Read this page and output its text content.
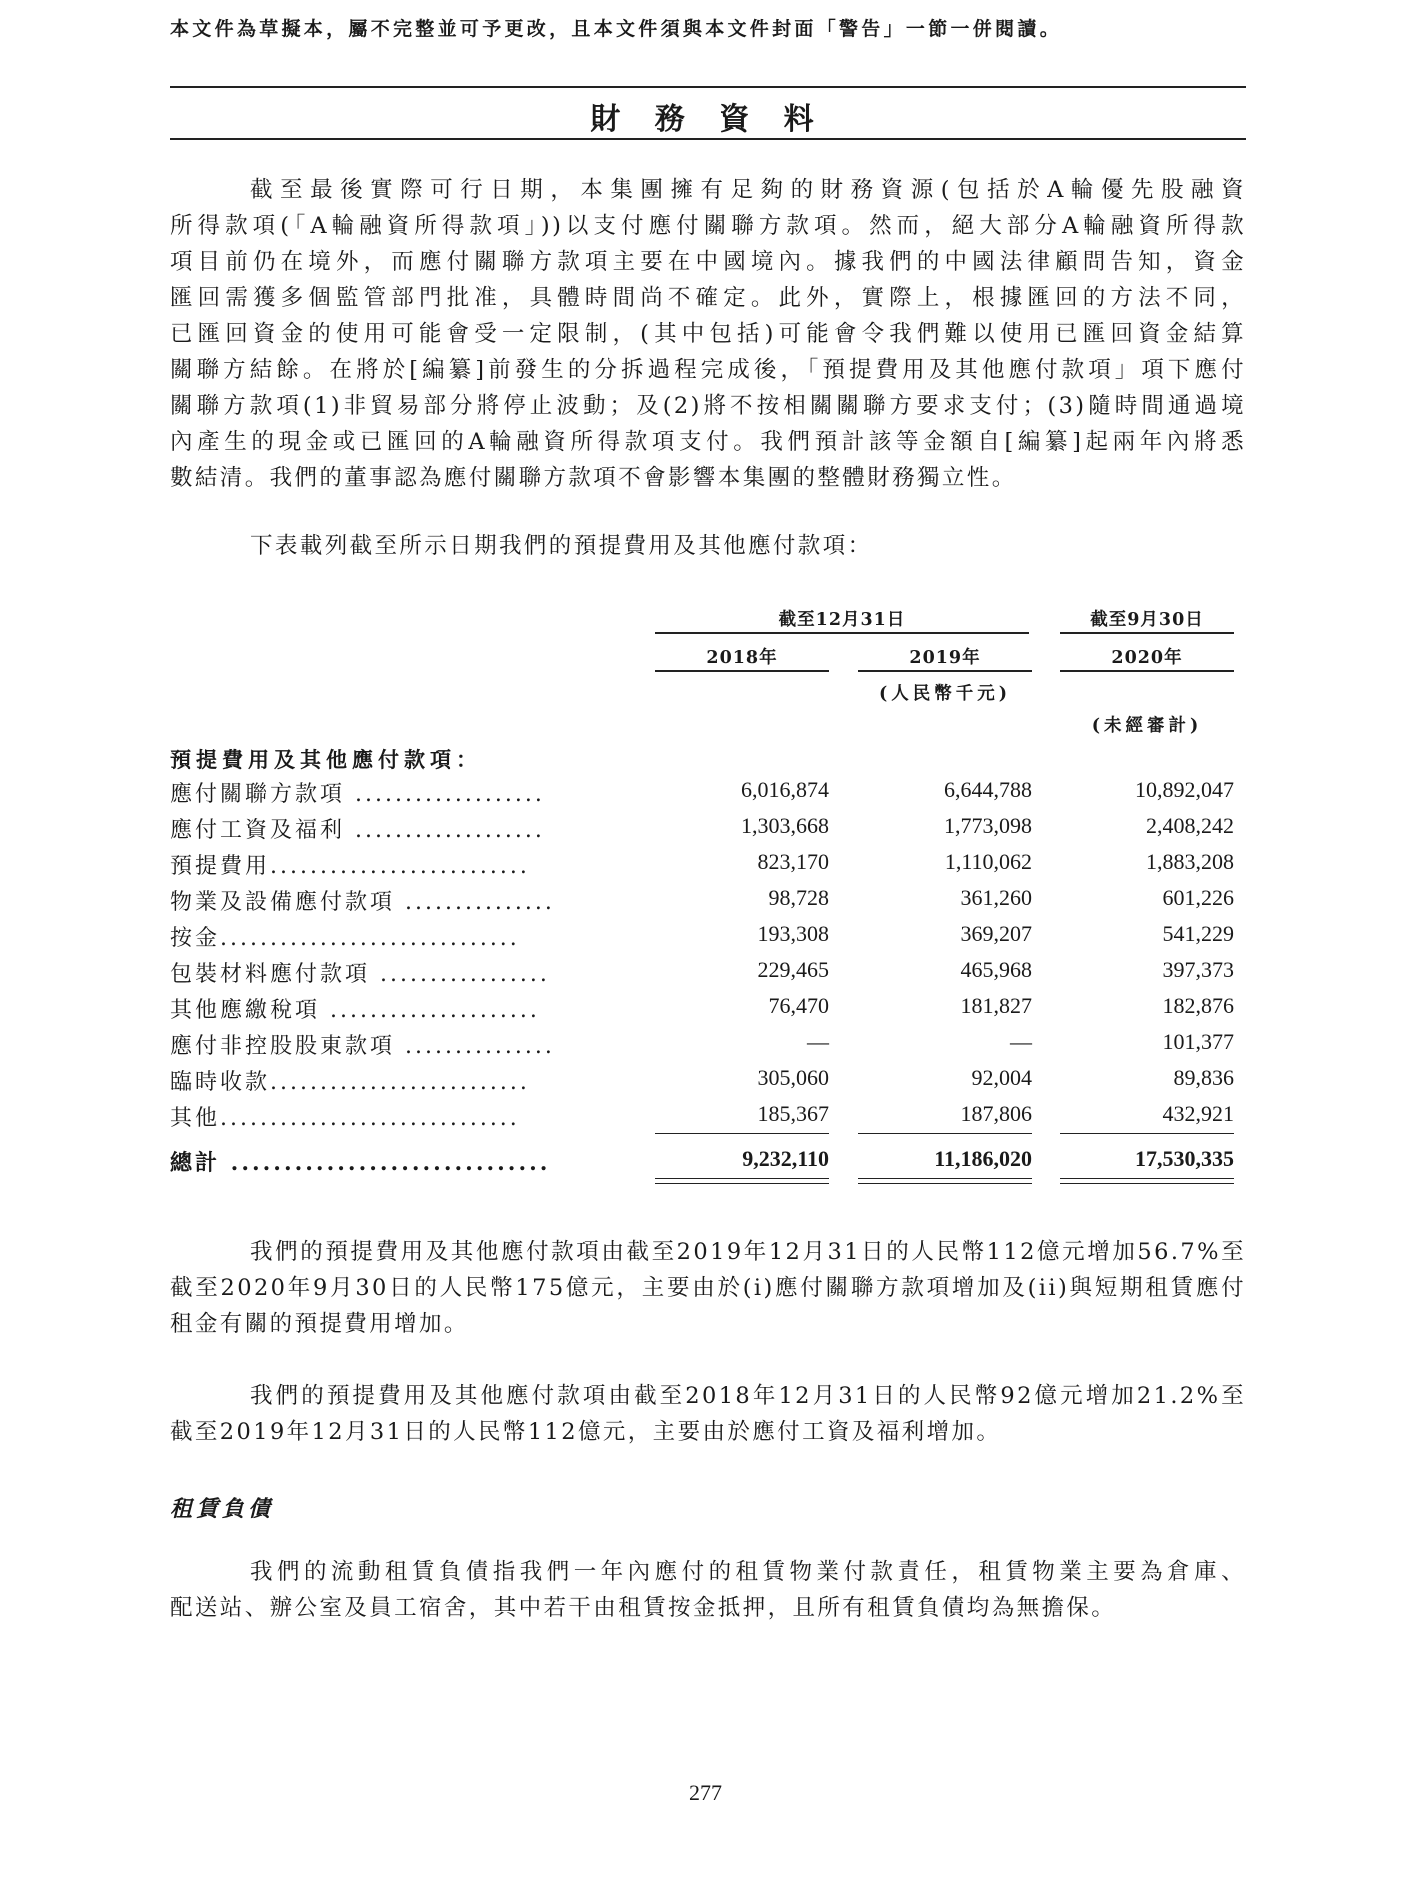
本文件為草擬本，屬不完整並可予更改，且本文件須與本文件封面「警告」一節一併閱讀。
財 務 資 料
截至最後實際可行日期，本集團擁有足夠的財務資源(包括於A輪優先股融資
所得款項(「A輪融資所得款項」))以支付應付關聯方款項。然而，絕大部分A輪融資所得款
項目前仍在境外，而應付關聯方款項主要在中國境內。據我們的中國法律顧問告知，資金
匯回需獲多個監管部門批准，具體時間尚不確定。此外，實際上，根據匯回的方法不同，
已匯回資金的使用可能會受一定限制，(其中包括)可能會令我們難以使用已匯回資金結算
關聯方結餘。在將於[編纂]前發生的分拆過程完成後，「預提費用及其他應付款項」項下應付
關聯方款項(1)非貿易部分將停止波動；及(2)將不按相關關聯方要求支付；(3)隨時間通過境
內產生的現金或已匯回的A輪融資所得款項支付。我們預計該等金額自[編纂]起兩年內將悉
數結清。我們的董事認為應付關聯方款項不會影響本集團的整體財務獨立性。
下表載列截至所示日期我們的預提費用及其他應付款項：
截至12月31日	截至9月30日
2018年	2019年	2020年
(人民幣千元)
(未經審計)
預提費用及其他應付款項：
應付關聯方款項 ...................	6,016,874	6,644,788	10,892,047
應付工資及福利 ...................	1,303,668	1,773,098	2,408,242
預提費用..........................	823,170	1,110,062	1,883,208
物業及設備應付款項 ...............	98,728	361,260	601,226
按金..............................	193,308	369,207	541,229
包裝材料應付款項 .................	229,465	465,968	397,373
其他應繳稅項 .....................	76,470	181,827	182,876
應付非控股股東款項 ...............	—	—	101,377
臨時收款..........................	305,060	92,004	89,836
其他..............................	185,367	187,806	432,921
總計 ..............................	9,232,110	11,186,020	17,530,335
我們的預提費用及其他應付款項由截至2019年12月31日的人民幣112億元增加56.7%至
截至2020年9月30日的人民幣175億元，主要由於(i)應付關聯方款項增加及(ii)與短期租賃應付
租金有關的預提費用增加。
我們的預提費用及其他應付款項由截至2018年12月31日的人民幣92億元增加21.2%至
截至2019年12月31日的人民幣112億元，主要由於應付工資及福利增加。
租賃負債
我們的流動租賃負債指我們一年內應付的租賃物業付款責任，租賃物業主要為倉庫、
配送站、辦公室及員工宿舍，其中若干由租賃按金抵押，且所有租賃負債均為無擔保。
277
